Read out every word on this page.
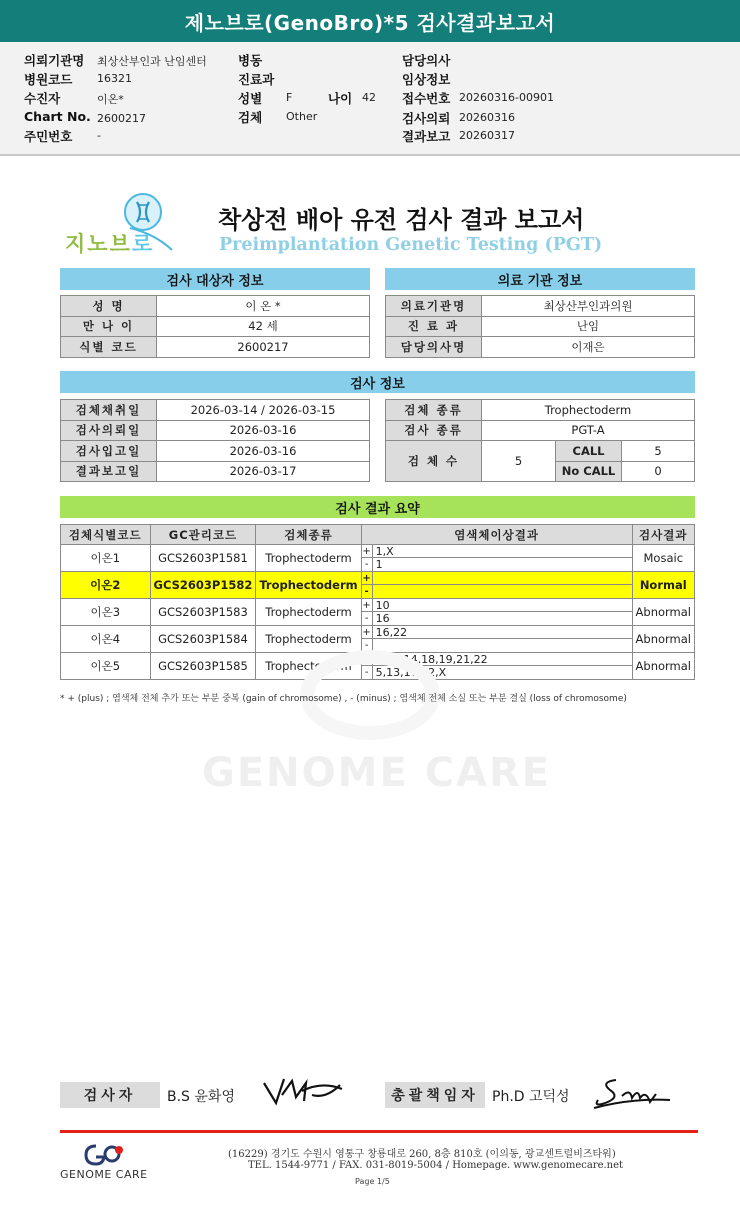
제노브로(GenoBro)*5 검사결과보고서
의뢰기관명 최상산부인과 난임센터
병원코드 16321
수진자	이온*
Chart No. 2600217
주민번호 -
병동
진료과
성별 F	나이 42
검체 Other
담당의사
임상정보
접수번호 20260316-00901
검사의뢰 20260316
결과보고 20260317
지노브로
착상전 배아 유전 검사 결과 보고서
Preimplantation Genetic Testing (PGT)
검사 대상자 정보
성 명	이 온 *
만 나 이	42 세
식별 코드	2600217
의료 기관 정보
의료기관명	최상산부인과의원
진 료 과	난임
담당의사명	이재은
검사 정보
검체채취일	2026-03-14 / 2026-03-15
검사의뢰일	2026-03-16
검사입고일	2026-03-16
결과보고일	2026-03-17
검체 종류	Trophectoderm		
검사 종류	PGT-A		
검 체 수	5	CALL	5
		No CALL	0
검사 결과 요약
검체식별코드	GC관리코드	검체종류	염색체이상결과	검사결과
이온1	GCS2603P1581	Trophectoderm	+ 1,X
- 1	Mosaic
이온2	GCS2603P1582	Trophectoderm	+
-	Normal
이온3	GCS2603P1583	Trophectoderm	+ 10
- 16	Abnormal
이온4	GCS2603P1584	Trophectoderm	+ 16,22
-	Abnormal
이온5	GCS2603P1585	Trophectoderm	+ 5,11,14,18,19,21,22
- 5,13,17,22,X	Abnormal
* + (plus) ; 염색체 전체 추가 또는 부분 중복 (gain of chromosome) , - (minus) ; 염색체 전체 소실 또는 부분 결실 (loss of chromosome)
GENOME CARE
검사자	B.S 윤화영	총괄책임자 Ph.D 고덕성
GENOME CARE
(16229) 경기도 수원시 영통구 창룡대로 260, 8층 810호 (이의동, 광교센트럴비즈타워)
TEL. 1544-9771 / FAX. 031-8019-5004 / Homepage. www.genomecare.net
Page 1/5
